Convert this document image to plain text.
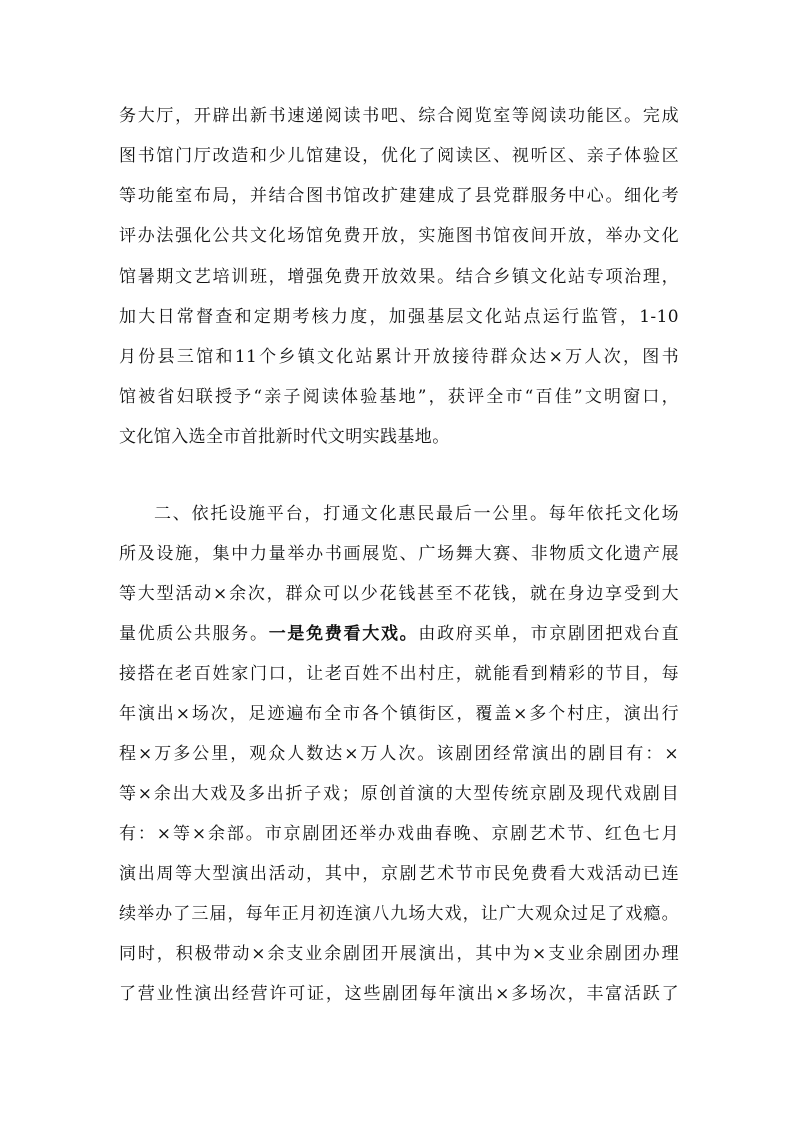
务大厅，开辟出新书速递阅读书吧、综合阅览室等阅读功能区。完成
图书馆门厅改造和少儿馆建设，优化了阅读区、视听区、亲子体验区
等功能室布局，并结合图书馆改扩建建成了县党群服务中心。细化考
评办法强化公共文化场馆免费开放，实施图书馆夜间开放，举办文化
馆暑期文艺培训班，增强免费开放效果。结合乡镇文化站专项治理，
加大日常督查和定期考核力度，加强基层文化站点运行监管，1-10
月份县三馆和11个乡镇文化站累计开放接待群众达×万人次，图书
馆被省妇联授予“亲子阅读体验基地”，获评全市“百佳”文明窗口，
文化馆入选全市首批新时代文明实践基地。
二、依托设施平台，打通文化惠民最后一公里。每年依托文化场
所及设施，集中力量举办书画展览、广场舞大赛、非物质文化遗产展
等大型活动×余次，群众可以少花钱甚至不花钱，就在身边享受到大
量优质公共服务。一是免费看大戏。由政府买单，市京剧团把戏台直
接搭在老百姓家门口，让老百姓不出村庄，就能看到精彩的节目，每
年演出×场次，足迹遍布全市各个镇街区，覆盖×多个村庄，演出行
程×万多公里，观众人数达×万人次。该剧团经常演出的剧目有：×
等×余出大戏及多出折子戏；原创首演的大型传统京剧及现代戏剧目
有：×等×余部。市京剧团还举办戏曲春晚、京剧艺术节、红色七月
演出周等大型演出活动，其中，京剧艺术节市民免费看大戏活动已连
续举办了三届，每年正月初连演八九场大戏，让广大观众过足了戏瘾。
同时，积极带动×余支业余剧团开展演出，其中为×支业余剧团办理
了营业性演出经营许可证，这些剧团每年演出×多场次，丰富活跃了
